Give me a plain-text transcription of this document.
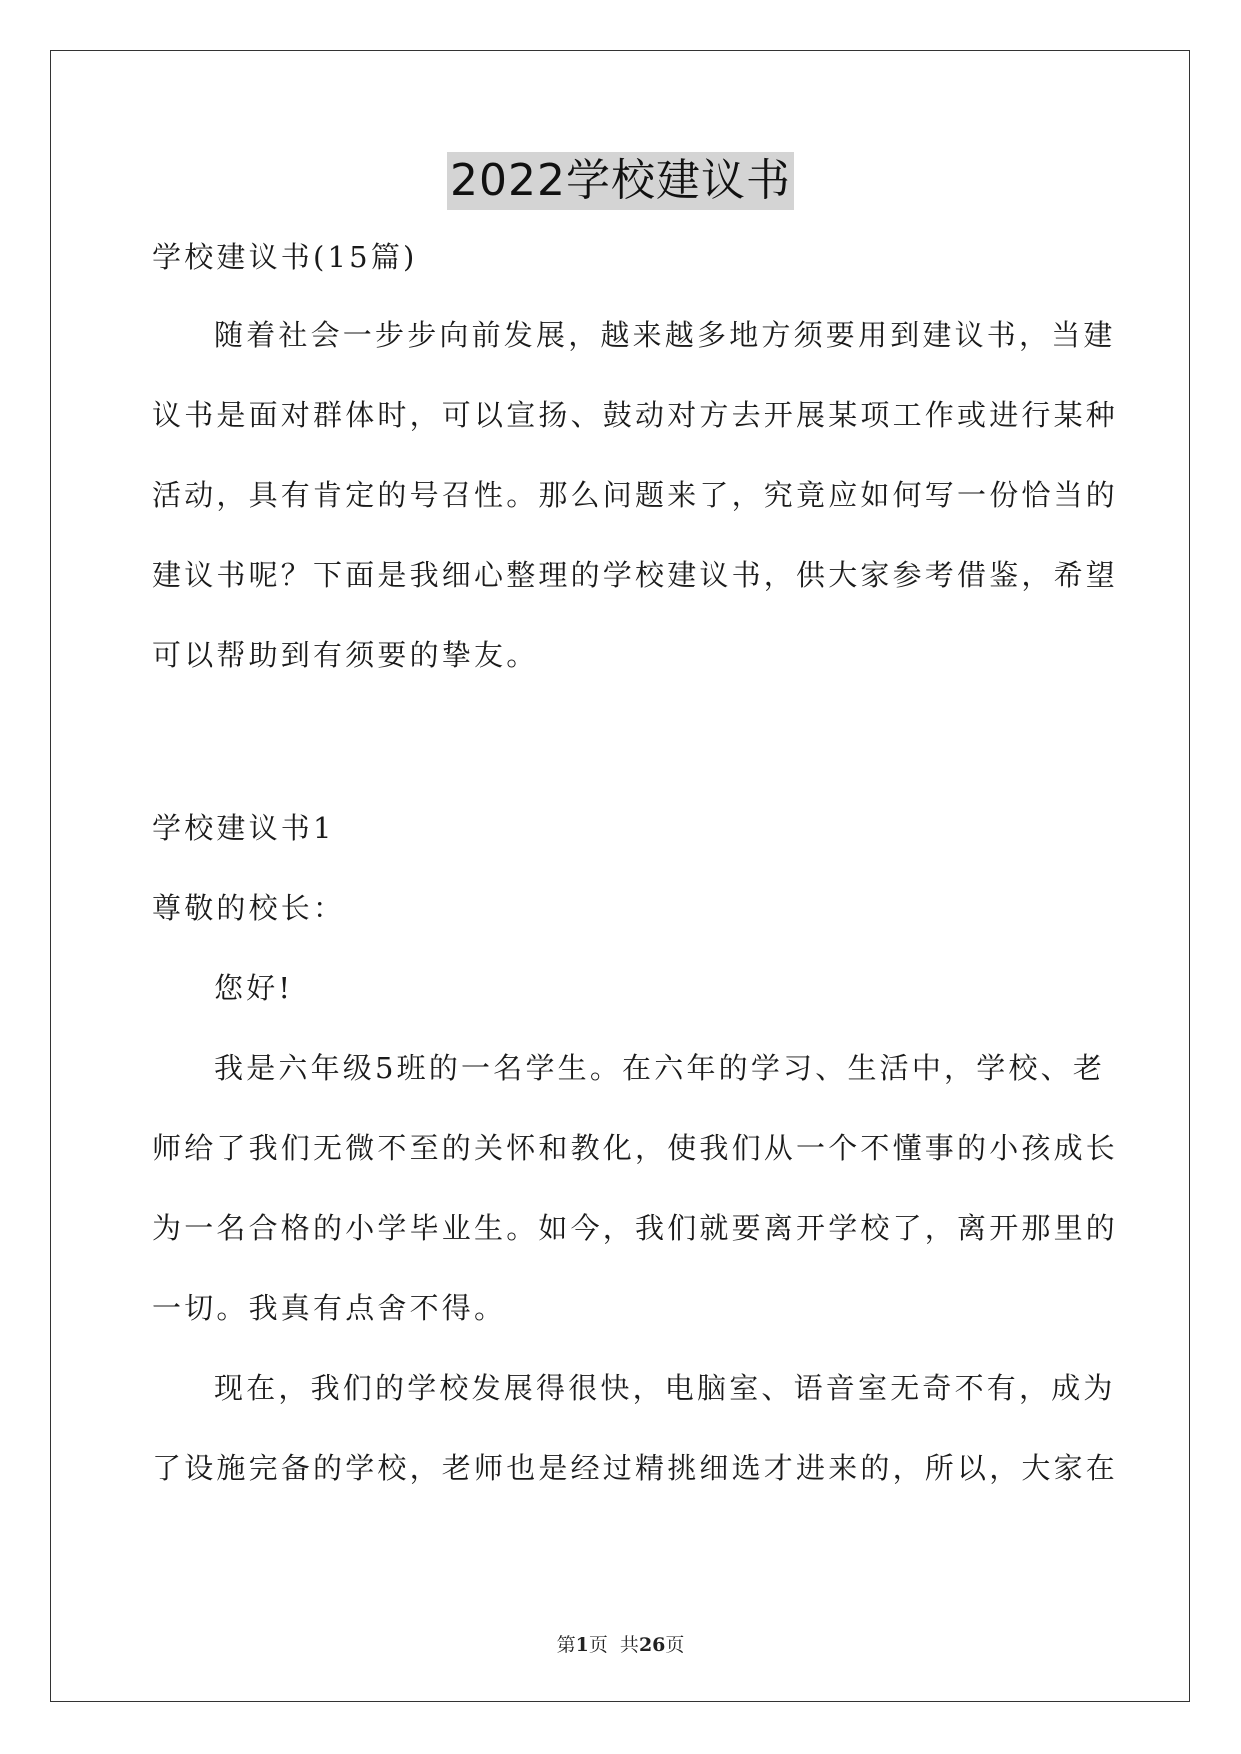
2022学校建议书
学校建议书(15篇)
随着社会一步步向前发展，越来越多地方须要用到建议书，当建
议书是面对群体时，可以宣扬、鼓动对方去开展某项工作或进行某种
活动，具有肯定的号召性。那么问题来了，究竟应如何写一份恰当的
建议书呢？下面是我细心整理的学校建议书，供大家参考借鉴，希望
可以帮助到有须要的挚友。
学校建议书1
尊敬的校长：
您好!
我是六年级5班的一名学生。在六年的学习、生活中，学校、老
师给了我们无微不至的关怀和教化，使我们从一个不懂事的小孩成长
为一名合格的小学毕业生。如今，我们就要离开学校了，离开那里的
一切。我真有点舍不得。
现在，我们的学校发展得很快，电脑室、语音室无奇不有，成为
了设施完备的学校，老师也是经过精挑细选才进来的，所以，大家在
第1页  共26页
